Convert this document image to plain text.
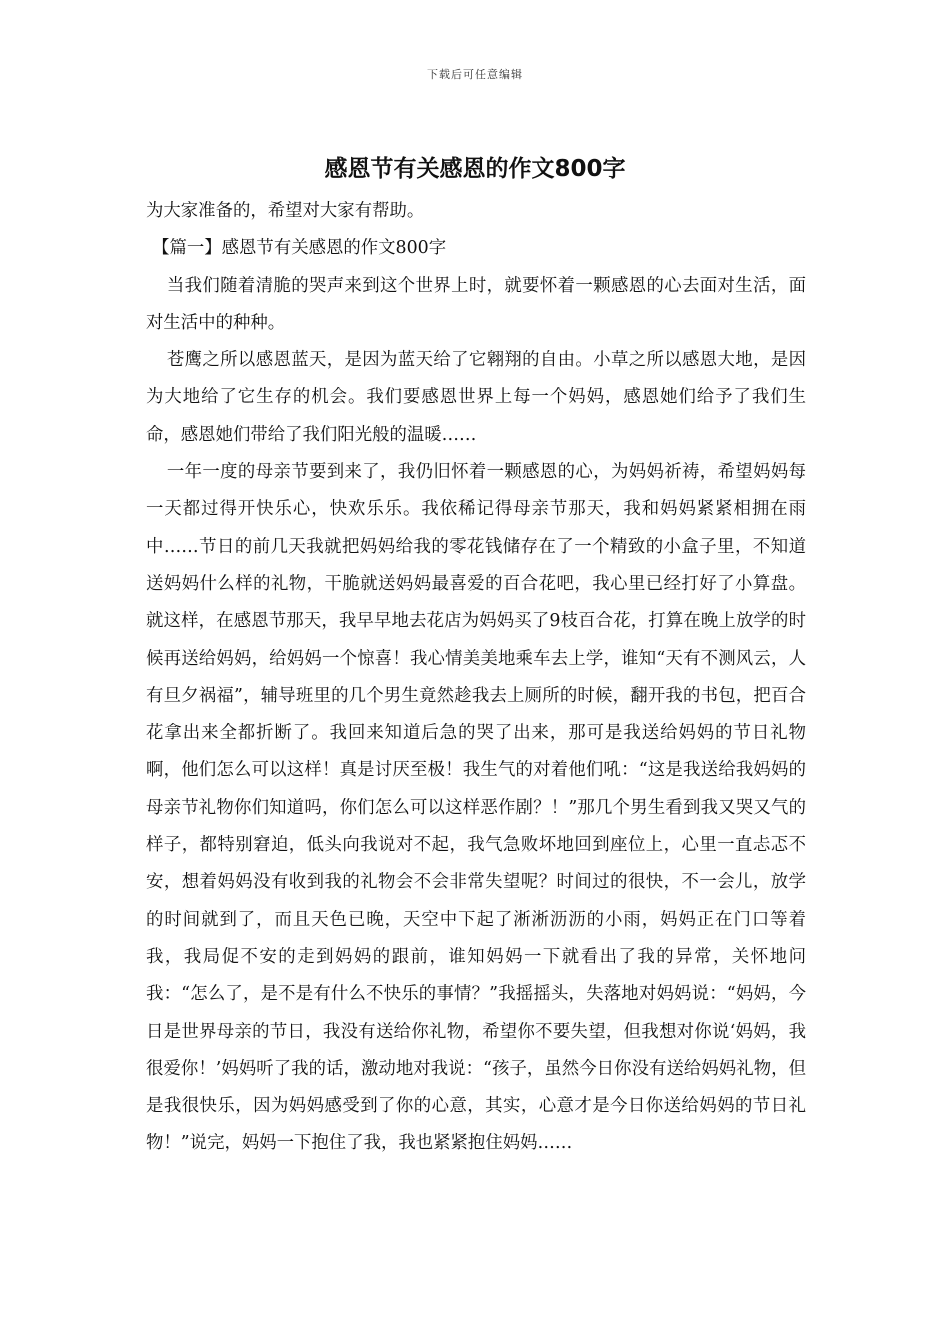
下载后可任意编辑
感恩节有关感恩的作文800字

为大家准备的，希望对大家有帮助。

【篇一】感恩节有关感恩的作文800字

当我们随着清脆的哭声来到这个世界上时，就要怀着一颗感恩的心去面对生活，面对生活中的种种。

苍鹰之所以感恩蓝天，是因为蓝天给了它翱翔的自由。小草之所以感恩大地，是因为大地给了它生存的机会。我们要感恩世界上每一个妈妈，感恩她们给予了我们生命，感恩她们带给了我们阳光般的温暖……

一年一度的母亲节要到来了，我仍旧怀着一颗感恩的心，为妈妈祈祷，希望妈妈每一天都过得开快乐心，快欢乐乐。我依稀记得母亲节那天，我和妈妈紧紧相拥在雨中……节日的前几天我就把妈妈给我的零花钱储存在了一个精致的小盒子里，不知道送妈妈什么样的礼物，干脆就送妈妈最喜爱的百合花吧，我心里已经打好了小算盘。就这样，在感恩节那天，我早早地去花店为妈妈买了9枝百合花，打算在晚上放学的时候再送给妈妈，给妈妈一个惊喜！我心情美美地乘车去上学，谁知“天有不测风云，人有旦夕祸福”，辅导班里的几个男生竟然趁我去上厕所的时候，翻开我的书包，把百合花拿出来全都折断了。我回来知道后急的哭了出来，那可是我送给妈妈的节日礼物啊，他们怎么可以这样！真是讨厌至极！我生气的对着他们吼：“这是我送给我妈妈的母亲节礼物你们知道吗，你们怎么可以这样恶作剧？！”那几个男生看到我又哭又气的样子，都特别窘迫，低头向我说对不起，我气急败坏地回到座位上，心里一直忐忑不安，想着妈妈没有收到我的礼物会不会非常失望呢？时间过的很快，不一会儿，放学的时间就到了，而且天色已晚，天空中下起了淅淅沥沥的小雨，妈妈正在门口等着我，我局促不安的走到妈妈的跟前，谁知妈妈一下就看出了我的异常，关怀地问我：“怎么了，是不是有什么不快乐的事情？”我摇摇头，失落地对妈妈说：“妈妈，今日是世界母亲的节日，我没有送给你礼物，希望你不要失望，但我想对你说‘妈妈，我很爱你！’妈妈听了我的话，激动地对我说：“孩子，虽然今日你没有送给妈妈礼物，但是我很快乐，因为妈妈感受到了你的心意，其实，心意才是今日你送给妈妈的节日礼物！”说完，妈妈一下抱住了我，我也紧紧抱住妈妈……
